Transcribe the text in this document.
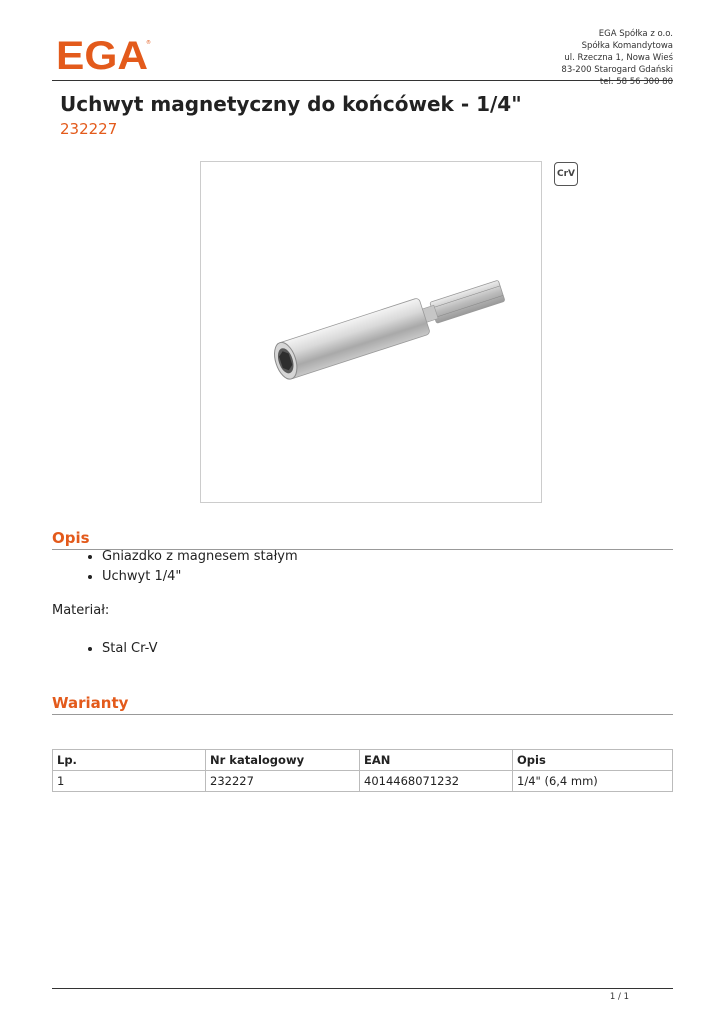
EGA
®
EGA Spółka z o.o.
Spółka Komandytowa
ul. Rzeczna 1, Nowa Wieś
83-200 Starogard Gdański
tel. 58 56 300 80
Uchwyt magnetyczny do końcówek - 1/4"
232227
CrV
Opis
• Gniazdko z magnesem stałym
• Uchwyt 1/4"
Materiał:
• Stal Cr-V
Warianty
Lp.	Nr katalogowy	EAN	Opis
1	232227	4014468071232	1/4" (6,4 mm)
1 / 1
